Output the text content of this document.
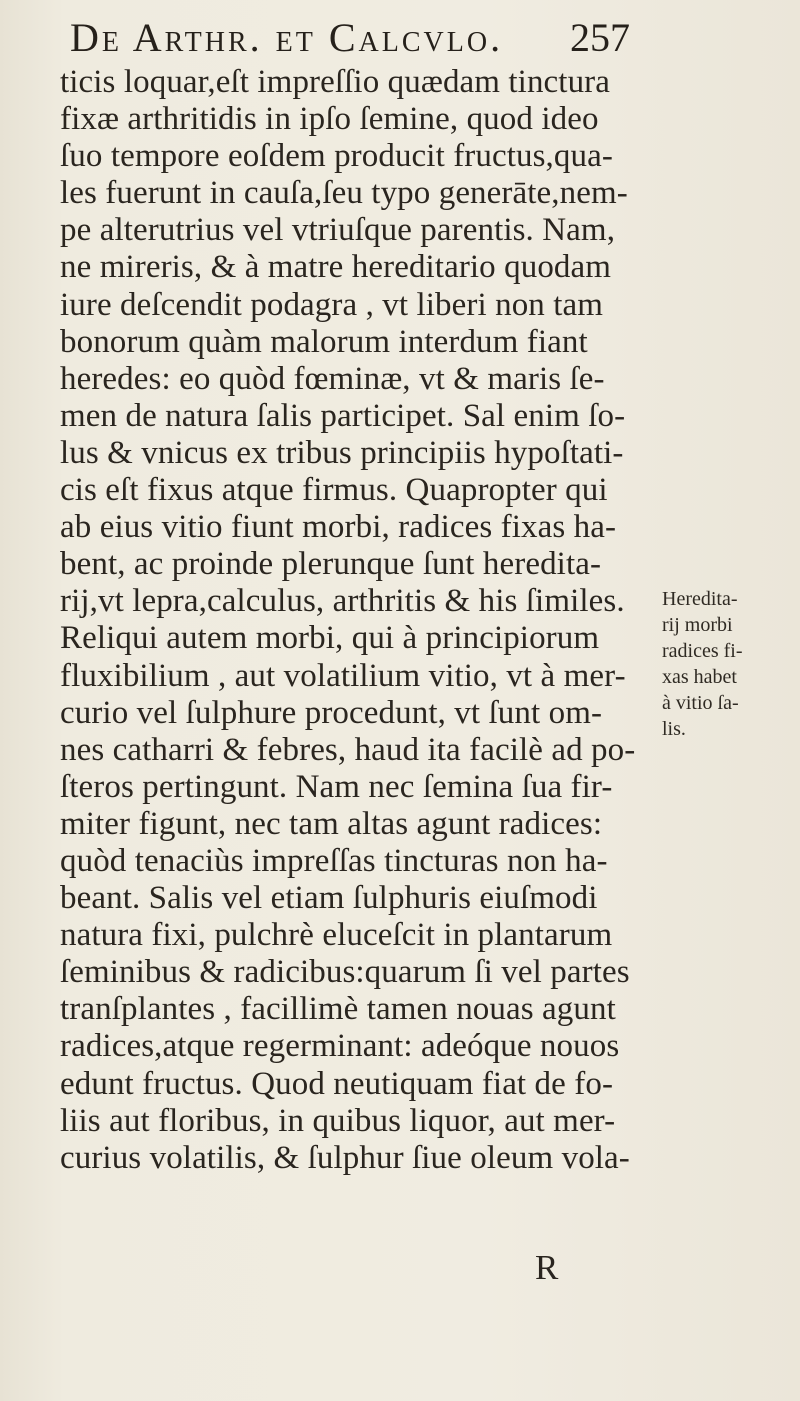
De Arthr. et Calcvlo. 257
ticis loquar,eſt impreſſio quædam tinctura
fixæ arthritidis in ipſo ſemine, quod ideo
ſuo tempore eoſdem producit fructus,qua-
les fuerunt in cauſa,ſeu typo generāte,nem-
pe alterutrius vel vtriuſque parentis. Nam,
ne mireris, & à matre hereditario quodam
iure deſcendit podagra , vt liberi non tam
bonorum quàm malorum interdum fiant
heredes: eo quòd fœminæ, vt & maris ſe-
men de natura ſalis participet. Sal enim ſo-
lus & vnicus ex tribus principiis hypoſtati-
cis eſt fixus atque firmus. Quapropter qui
ab eius vitio fiunt morbi, radices fixas ha-
bent, ac proinde plerunque ſunt heredita-
rij,vt lepra,calculus, arthritis & his ſimiles.
Reliqui autem morbi, qui à principiorum
fluxibilium , aut volatilium vitio, vt à mer-
curio vel ſulphure procedunt, vt ſunt om-
nes catharri & febres, haud ita facilè ad po-
ſteros pertingunt. Nam nec ſemina ſua fir-
miter figunt, nec tam altas agunt radices:
quòd tenaciùs impreſſas tincturas non ha-
beant. Salis vel etiam ſulphuris eiuſmodi
natura fixi, pulchrè eluceſcit in plantarum
ſeminibus & radicibus:quarum ſi vel partes
tranſplantes , facillimè tamen nouas agunt
radices,atque regerminant: adeóque nouos
edunt fructus. Quod neutiquam fiat de fo-
liis aut floribus, in quibus liquor, aut mer-
curius volatilis, & ſulphur ſiue oleum vola-
Heredita-
rij morbi
radices fi-
xas habet
à vitio ſa-
lis.
R
